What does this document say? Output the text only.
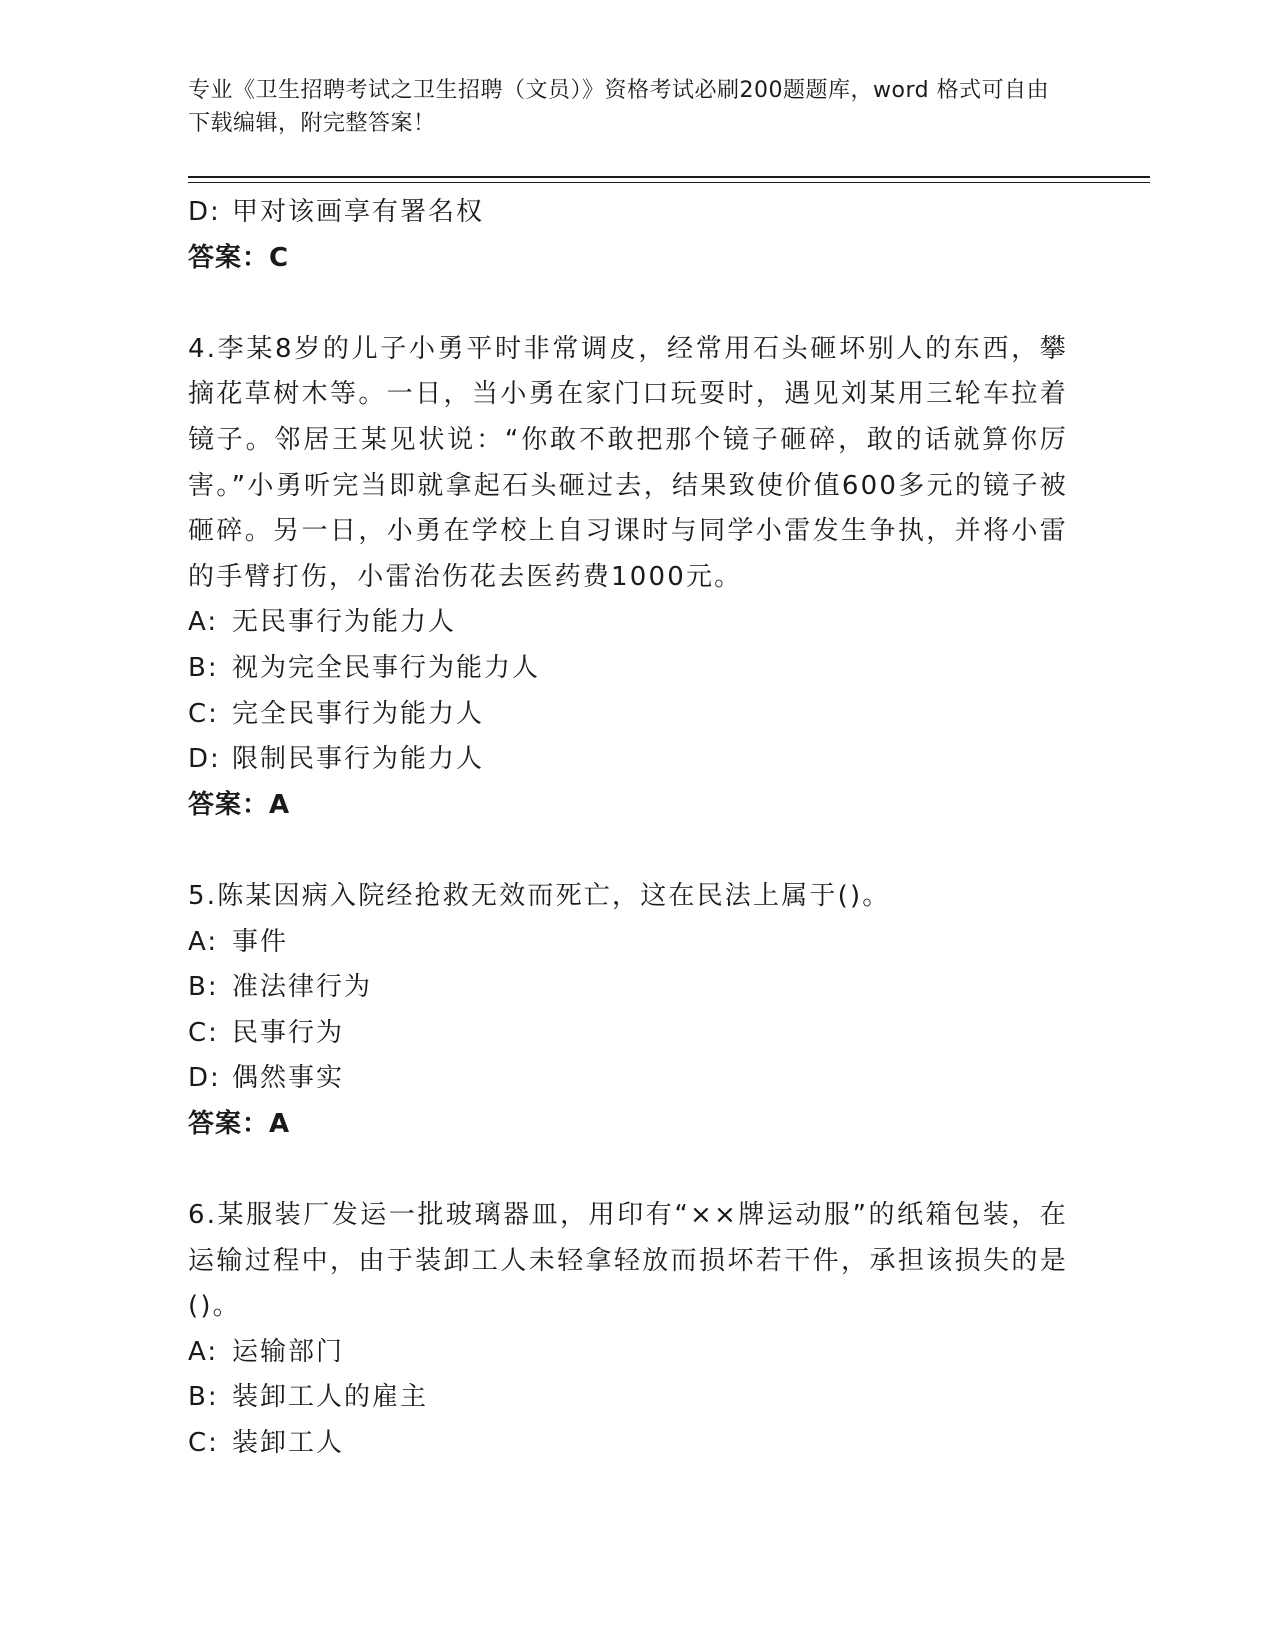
专业《卫生招聘考试之卫生招聘（文员）》资格考试必刷200题题库，word 格式可自由下载编辑，附完整答案！
D: 甲对该画享有署名权
答案：C
4.李某8岁的儿子小勇平时非常调皮，经常用石头砸坏别人的东西，攀摘花草树木等。一日，当小勇在家门口玩耍时，遇见刘某用三轮车拉着镜子。邻居王某见状说：“你敢不敢把那个镜子砸碎，敢的话就算你厉害。”小勇听完当即就拿起石头砸过去，结果致使价值600多元的镜子被砸碎。另一日，小勇在学校上自习课时与同学小雷发生争执，并将小雷的手臂打伤，小雷治伤花去医药费1000元。
A: 无民事行为能力人
B: 视为完全民事行为能力人
C: 完全民事行为能力人
D: 限制民事行为能力人
答案：A
5.陈某因病入院经抢救无效而死亡，这在民法上属于()。
A: 事件
B: 准法律行为
C: 民事行为
D: 偶然事实
答案：A
6.某服装厂发运一批玻璃器皿，用印有“××牌运动服”的纸箱包装，在运输过程中，由于装卸工人未轻拿轻放而损坏若干件，承担该损失的是()。
A: 运输部门
B: 装卸工人的雇主
C: 装卸工人
